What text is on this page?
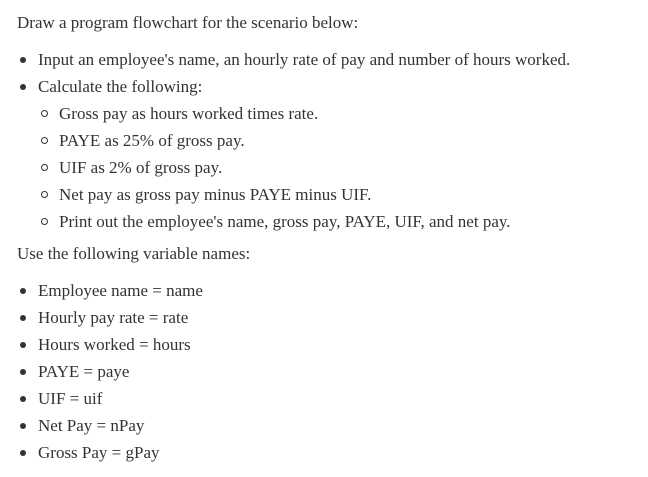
Draw a program flowchart for the scenario below:

Input an employee's name, an hourly rate of pay and number of hours worked.
Calculate the following:
Gross pay as hours worked times rate.
PAYE as 25% of gross pay.
UIF as 2% of gross pay.
Net pay as gross pay minus PAYE minus UIF.
Print out the employee's name, gross pay, PAYE, UIF, and net pay.

Use the following variable names:

Employee name = name
Hourly pay rate = rate
Hours worked = hours
PAYE = paye
UIF = uif
Net Pay = nPay
Gross Pay = gPay
